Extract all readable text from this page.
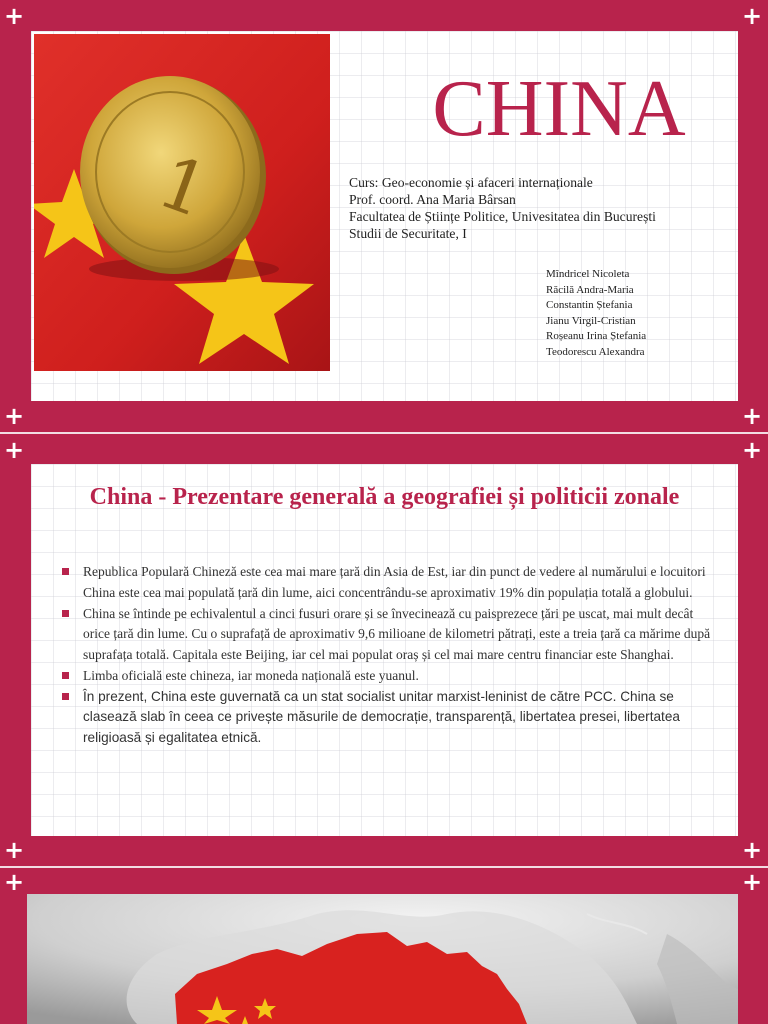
+	+
+	+
1
CHINA
Curs: Geo-economie și afaceri internaționale
Prof. coord. Ana Maria Bârsan
Facultatea de Științe Politice, Univesitatea din București
Studii de Securitate, I
Mîndricel Nicoleta
Răcilă Andra-Maria
Constantin Ștefania
Jianu Virgil-Cristian
Roșeanu Irina Ștefania
Teodorescu Alexandra
+	+
+	+
China - Prezentare generală a geografiei și politicii zonale
Republica Populară Chineză este cea mai mare țară din Asia de Est, iar din punct de vedere al numărului e locuitori China este cea mai populată țară din lume, aici concentrându-se aproximativ 19% din populația totală a globului.
China se întinde pe echivalentul a cinci fusuri orare și se învecinează cu paisprezece țări pe uscat, mai mult decât orice țară din lume. Cu o suprafață de aproximativ 9,6 milioane de kilometri pătrați, este a treia țară ca mărime după suprafața totală. Capitala este Beijing, iar cel mai populat oraș și cel mai mare centru financiar este Shanghai.
Limba oficială este chineza, iar moneda națională este yuanul.
În prezent, China este guvernată ca un stat socialist unitar marxist-leninist de către PCC. China se clasează slab în ceea ce privește măsurile de democrație, transparență, libertatea presei, libertatea religioasă și egalitatea etnică.
+	+
